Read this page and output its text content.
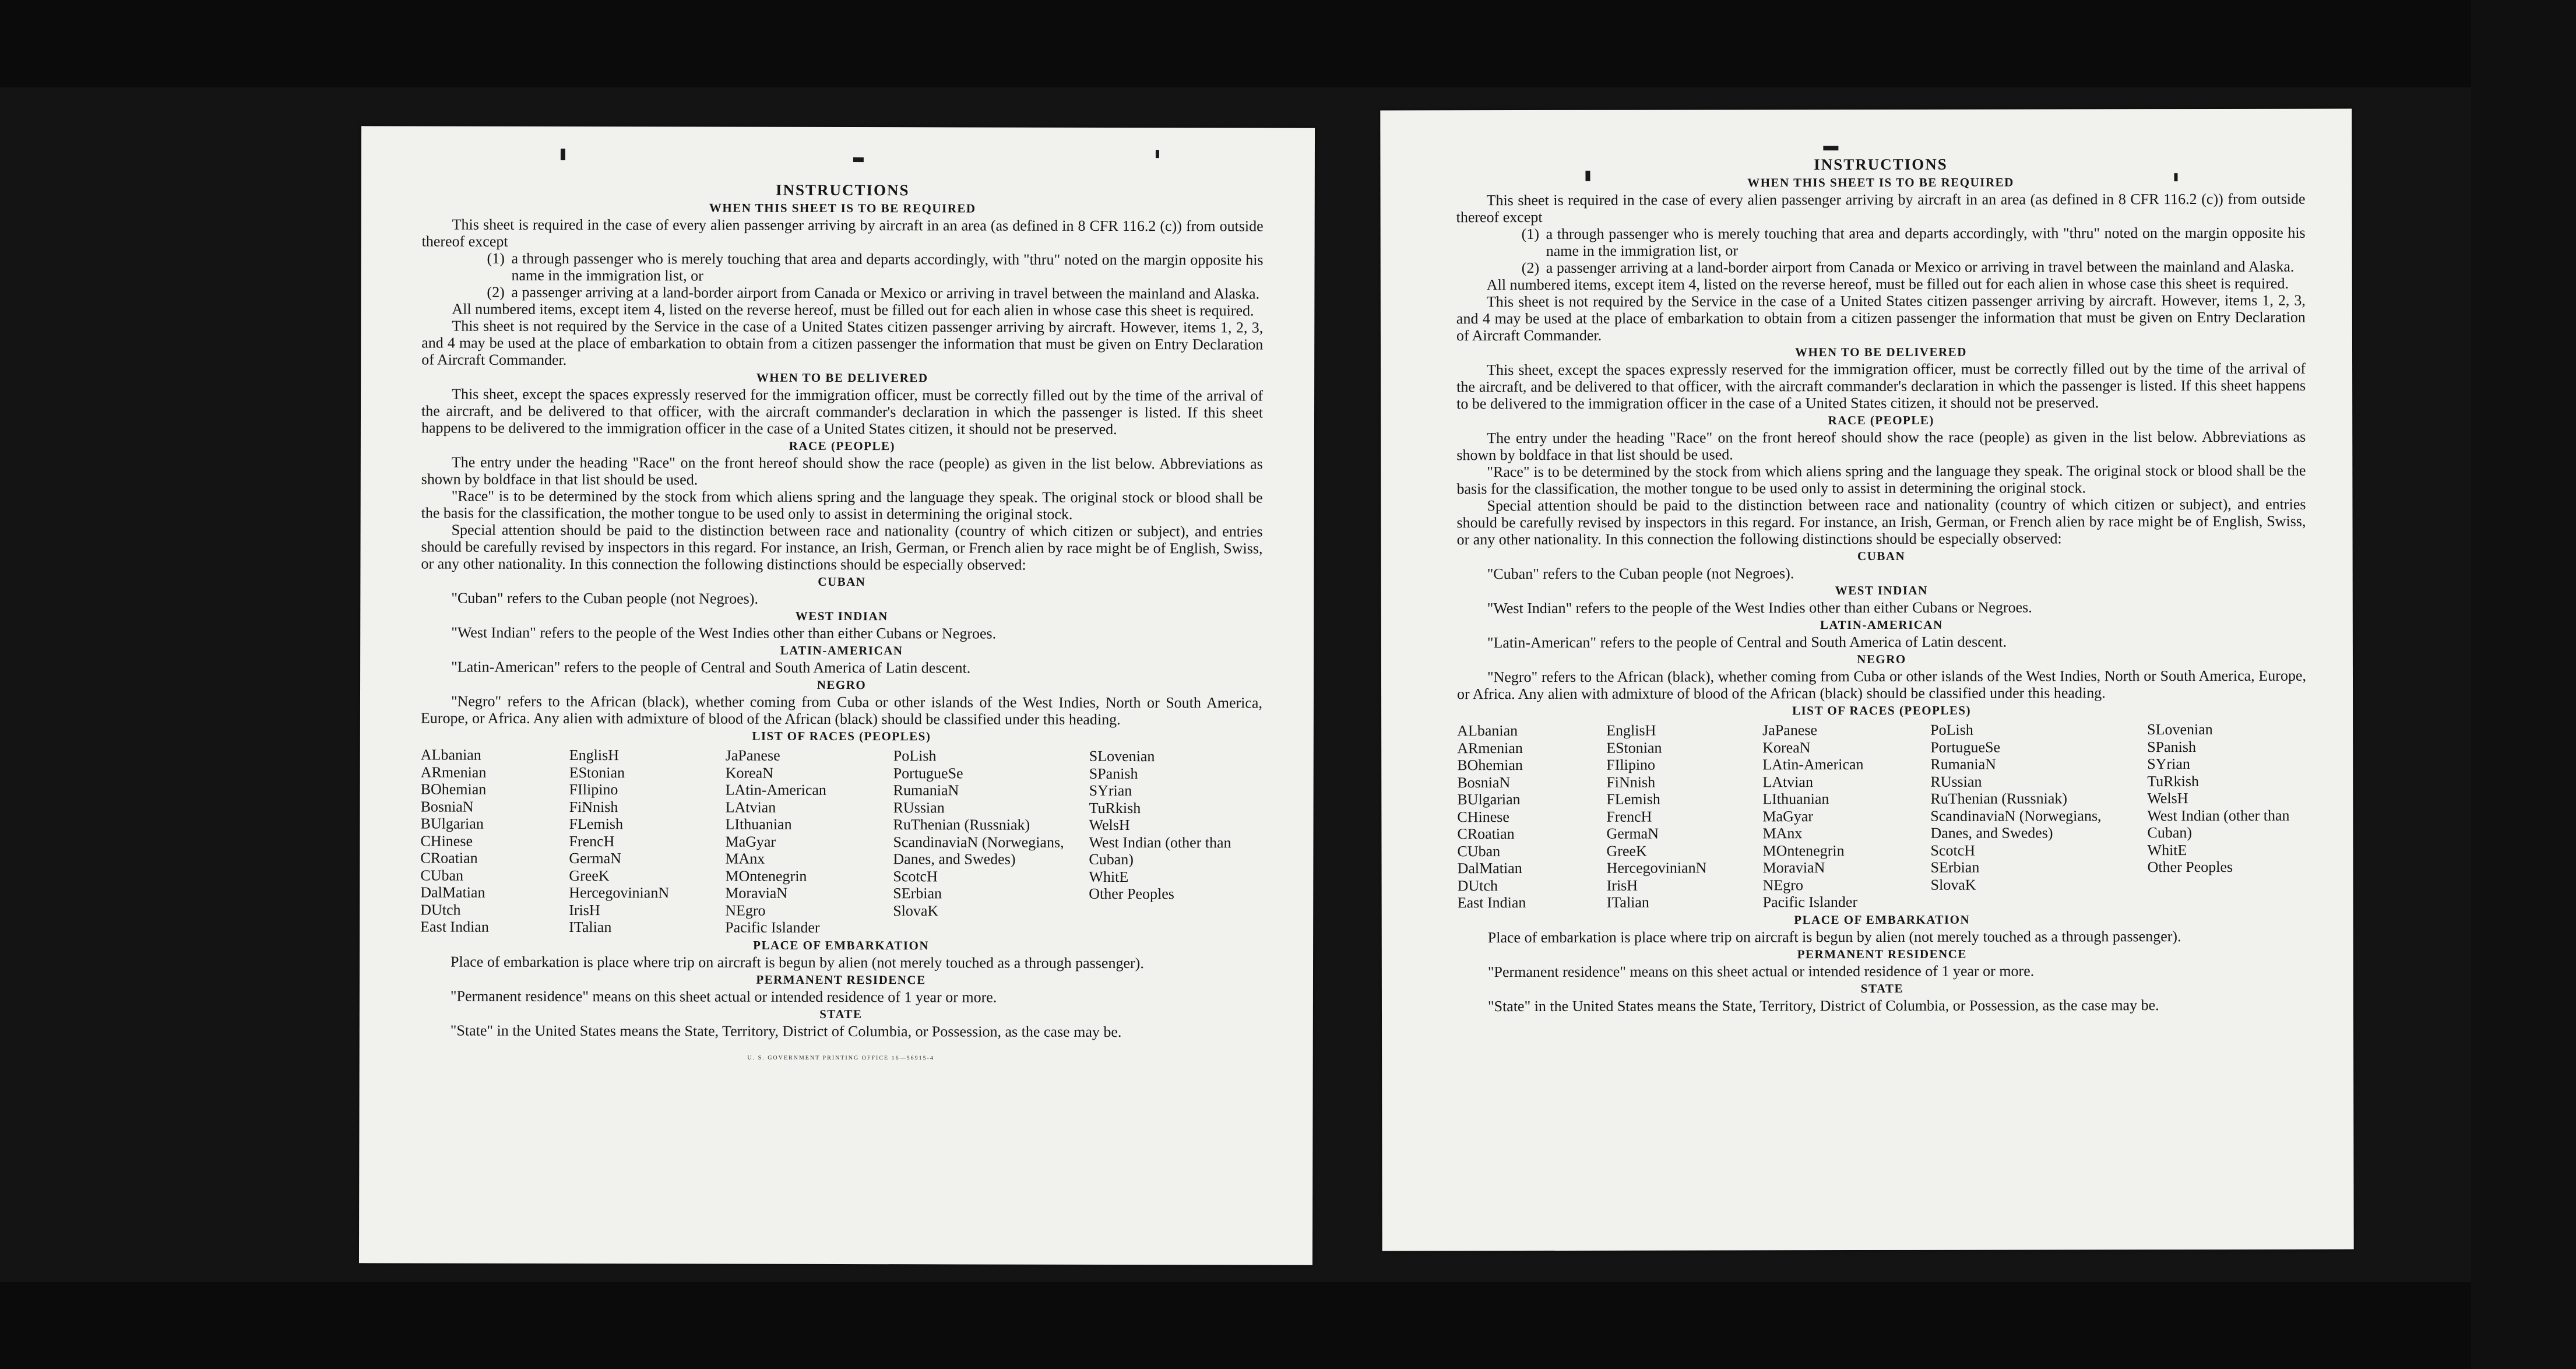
INSTRUCTIONS
WHEN THIS SHEET IS TO BE REQUIRED

This sheet is required in the case of every alien passenger arriving by aircraft in an area (as defined in 8 CFR 116.2 (c)) from outside thereof except

(1) a through passenger who is merely touching that area and departs accordingly, with "thru" noted on the margin opposite his name in the immigration list, or
(2) a passenger arriving at a land-border airport from Canada or Mexico or arriving in travel between the mainland and Alaska.

All numbered items, except item 4, listed on the reverse hereof, must be filled out for each alien in whose case this sheet is required.

This sheet is not required by the Service in the case of a United States citizen passenger arriving by aircraft. However, items 1, 2, 3, and 4 may be used at the place of embarkation to obtain from a citizen passenger the information that must be given on Entry Declaration of Aircraft Commander.

WHEN TO BE DELIVERED

This sheet, except the spaces expressly reserved for the immigration officer, must be correctly filled out by the time of the arrival of the aircraft, and be delivered to that officer, with the aircraft commander's declaration in which the passenger is listed. If this sheet happens to be delivered to the immigration officer in the case of a United States citizen, it should not be preserved.

RACE (PEOPLE)

The entry under the heading "Race" on the front hereof should show the race (people) as given in the list below. Abbreviations as shown by boldface in that list should be used.

"Race" is to be determined by the stock from which aliens spring and the language they speak. The original stock or blood shall be the basis for the classification, the mother tongue to be used only to assist in determining the original stock.

Special attention should be paid to the distinction between race and nationality (country of which citizen or subject), and entries should be carefully revised by inspectors in this regard. For instance, an Irish, German, or French alien by race might be of English, Swiss, or any other nationality. In this connection the following distinctions should be especially observed:

CUBAN

"Cuban" refers to the Cuban people (not Negroes).

WEST INDIAN

"West Indian" refers to the people of the West Indies other than either Cubans or Negroes.

LATIN-AMERICAN

"Latin-American" refers to the people of Central and South America of Latin descent.

NEGRO

"Negro" refers to the African (black), whether coming from Cuba or other islands of the West Indies, North or South America, Europe, or Africa. Any alien with admixture of blood of the African (black) should be classified under this heading.

LIST OF RACES (PEOPLES)
ALbanian
ARmenian
BOhemian
BosniaN
BUlgarian
CHinese
CRoatian
CUban
DalMatian
DUtch
East Indian
EnglisH
EStonian
FIlipino
FiNnish
FLemish
FrencH
GermaN
GreeK
HercegovinianN
IrisH
ITalian
JaPanese
KoreaN
LAtin-American
LAtvian
LIthuanian
MaGyar
MAnx
MOntenegrin
MoraviaN
NEgro
Pacific Islander
PoLish
PortugueSe
RumaniaN
RUssian
RuThenian (Russniak)
ScandinaviaN (Norwegians, Danes, and Swedes)
ScotcH
SErbian
SlovaK
SLovenian
SPanish
SYrian
TuRkish
WelsH
West Indian (other than Cuban)
WhitE
Other Peoples
PLACE OF EMBARKATION

Place of embarkation is place where trip on aircraft is begun by alien (not merely touched as a through passenger).

PERMANENT RESIDENCE

"Permanent residence" means on this sheet actual or intended residence of 1 year or more.

STATE

"State" in the United States means the State, Territory, District of Columbia, or Possession, as the case may be.

U. S. GOVERNMENT PRINTING OFFICE 16—56915-4
INSTRUCTIONS
WHEN THIS SHEET IS TO BE REQUIRED

This sheet is required in the case of every alien passenger arriving by aircraft in an area (as defined in 8 CFR 116.2 (c)) from outside thereof except

(1) a through passenger who is merely touching that area and departs accordingly, with "thru" noted on the margin opposite his name in the immigration list, or
(2) a passenger arriving at a land-border airport from Canada or Mexico or arriving in travel between the mainland and Alaska.

All numbered items, except item 4, listed on the reverse hereof, must be filled out for each alien in whose case this sheet is required.

This sheet is not required by the Service in the case of a United States citizen passenger arriving by aircraft. However, items 1, 2, 3, and 4 may be used at the place of embarkation to obtain from a citizen passenger the information that must be given on Entry Declaration of Aircraft Commander.

WHEN TO BE DELIVERED

This sheet, except the spaces expressly reserved for the immigration officer, must be correctly filled out by the time of the arrival of the aircraft, and be delivered to that officer, with the aircraft commander's declaration in which the passenger is listed. If this sheet happens to be delivered to the immigration officer in the case of a United States citizen, it should not be preserved.

RACE (PEOPLE)

The entry under the heading "Race" on the front hereof should show the race (people) as given in the list below. Abbreviations as shown by boldface in that list should be used.

"Race" is to be determined by the stock from which aliens spring and the language they speak. The original stock or blood shall be the basis for the classification, the mother tongue to be used only to assist in determining the original stock.

Special attention should be paid to the distinction between race and nationality (country of which citizen or subject), and entries should be carefully revised by inspectors in this regard. For instance, an Irish, German, or French alien by race might be of English, Swiss, or any other nationality. In this connection the following distinctions should be especially observed:

CUBAN

"Cuban" refers to the Cuban people (not Negroes).

WEST INDIAN

"West Indian" refers to the people of the West Indies other than either Cubans or Negroes.

LATIN-AMERICAN

"Latin-American" refers to the people of Central and South America of Latin descent.

NEGRO

"Negro" refers to the African (black), whether coming from Cuba or other islands of the West Indies, North or South America, Europe, or Africa. Any alien with admixture of blood of the African (black) should be classified under this heading.

LIST OF RACES (PEOPLES)
ALbanian
ARmenian
BOhemian
BosniaN
BUlgarian
CHinese
CRoatian
CUban
DalMatian
DUtch
East Indian
EnglisH
EStonian
FIlipino
FiNnish
FLemish
FrencH
GermaN
GreeK
HercegovinianN
IrisH
ITalian
JaPanese
KoreaN
LAtin-American
LAtvian
LIthuanian
MaGyar
MAnx
MOntenegrin
MoraviaN
NEgro
Pacific Islander
PoLish
PortugueSe
RumaniaN
RUssian
RuThenian (Russniak)
ScandinaviaN (Norwegians, Danes, and Swedes)
ScotcH
SErbian
SlovaK
SLovenian
SPanish
SYrian
TuRkish
WelsH
West Indian (other than Cuban)
WhitE
Other Peoples
PLACE OF EMBARKATION

Place of embarkation is place where trip on aircraft is begun by alien (not merely touched as a through passenger).

PERMANENT RESIDENCE

"Permanent residence" means on this sheet actual or intended residence of 1 year or more.

STATE

"State" in the United States means the State, Territory, District of Columbia, or Possession, as the case may be.
